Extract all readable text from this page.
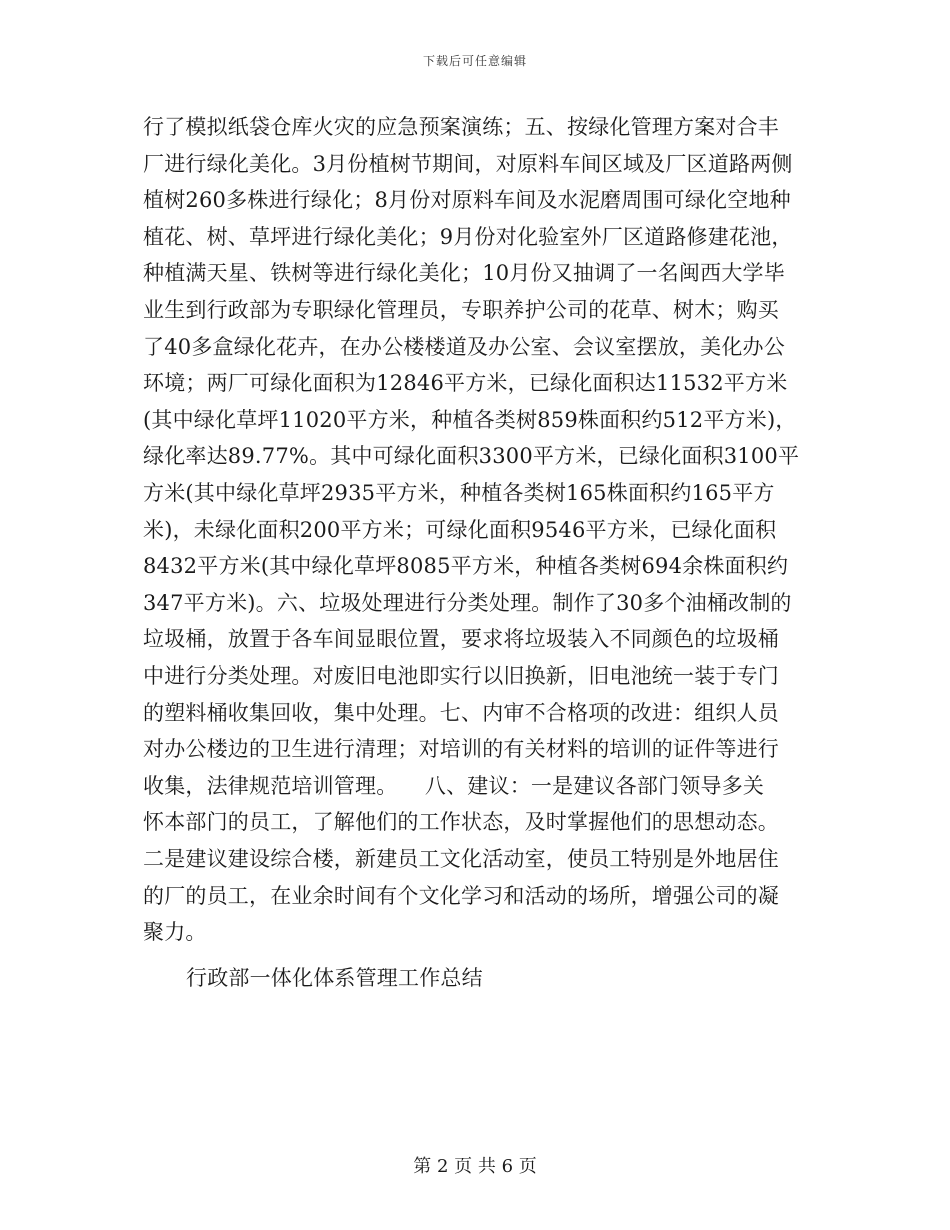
下载后可任意编辑
行了模拟纸袋仓库火灾的应急预案演练；五、按绿化管理方案对合丰
厂进行绿化美化。3月份植树节期间，对原料车间区域及厂区道路两侧
植树260多株进行绿化；8月份对原料车间及水泥磨周围可绿化空地种
植花、树、草坪进行绿化美化；9月份对化验室外厂区道路修建花池，
种植满天星、铁树等进行绿化美化；10月份又抽调了一名闽西大学毕
业生到行政部为专职绿化管理员，专职养护公司的花草、树木；购买
了40多盒绿化花卉，在办公楼楼道及办公室、会议室摆放，美化办公
环境；两厂可绿化面积为12846平方米，已绿化面积达11532平方米
(其中绿化草坪11020平方米，种植各类树859株面积约512平方米)，
绿化率达89.77%。其中可绿化面积3300平方米，已绿化面积3100平
方米(其中绿化草坪2935平方米，种植各类树165株面积约165平方
米)，未绿化面积200平方米；可绿化面积9546平方米，已绿化面积
8432平方米(其中绿化草坪8085平方米，种植各类树694余株面积约
347平方米)。六、垃圾处理进行分类处理。制作了30多个油桶改制的
垃圾桶，放置于各车间显眼位置，要求将垃圾装入不同颜色的垃圾桶
中进行分类处理。对废旧电池即实行以旧换新，旧电池统一装于专门
的塑料桶收集回收，集中处理。七、内审不合格项的改进：组织人员
对办公楼边的卫生进行清理；对培训的有关材料的培训的证件等进行
收集，法律规范培训管理。    八、建议：一是建议各部门领导多关
怀本部门的员工，了解他们的工作状态，及时掌握他们的思想动态。
二是建议建设综合楼，新建员工文化活动室，使员工特别是外地居住
的厂的员工，在业余时间有个文化学习和活动的场所，增强公司的凝
聚力。
行政部一体化体系管理工作总结
第 2 页 共 6 页
